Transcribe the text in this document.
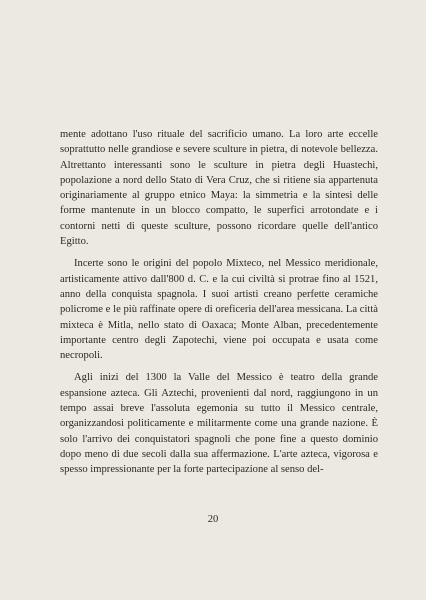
mente adottano l'uso rituale del sacrificio umano. La loro arte eccelle soprattutto nelle grandiose e severe sculture in pietra, di notevole bellezza. Altrettanto interessanti sono le sculture in pietra degli Huastechi, popolazione a nord dello Stato di Vera Cruz, che si ritiene sia appartenuta originariamente al gruppo etnico Maya: la simmetria e la sintesi delle forme mantenute in un blocco compatto, le superfici arrotondate e i contorni netti di queste sculture, possono ricordare quelle dell'antico Egitto.

Incerte sono le origini del popolo Mixteco, nel Messico meridionale, artisticamente attivo dall'800 d. C. e la cui civiltà si protrae fino al 1521, anno della conquista spagnola. I suoi artisti creano perfette ceramiche policrome e le più raffinate opere di oreficeria dell'area messicana. La città mixteca è Mitla, nello stato di Oaxaca; Monte Alban, precedentemente importante centro degli Zapotechi, viene poi occupata e usata come necropoli.

Agli inizi del 1300 la Valle del Messico è teatro della grande espansione azteca. Gli Aztechi, provenienti dal nord, raggiungono in un tempo assai breve l'assoluta egemonia su tutto il Messico centrale, organizzandosi politicamente e militarmente come una grande nazione. È solo l'arrivo dei conquistatori spagnoli che pone fine a questo dominio dopo meno di due secoli dalla sua affermazione. L'arte azteca, vigorosa e spesso impressionante per la forte partecipazione al senso del-

20
